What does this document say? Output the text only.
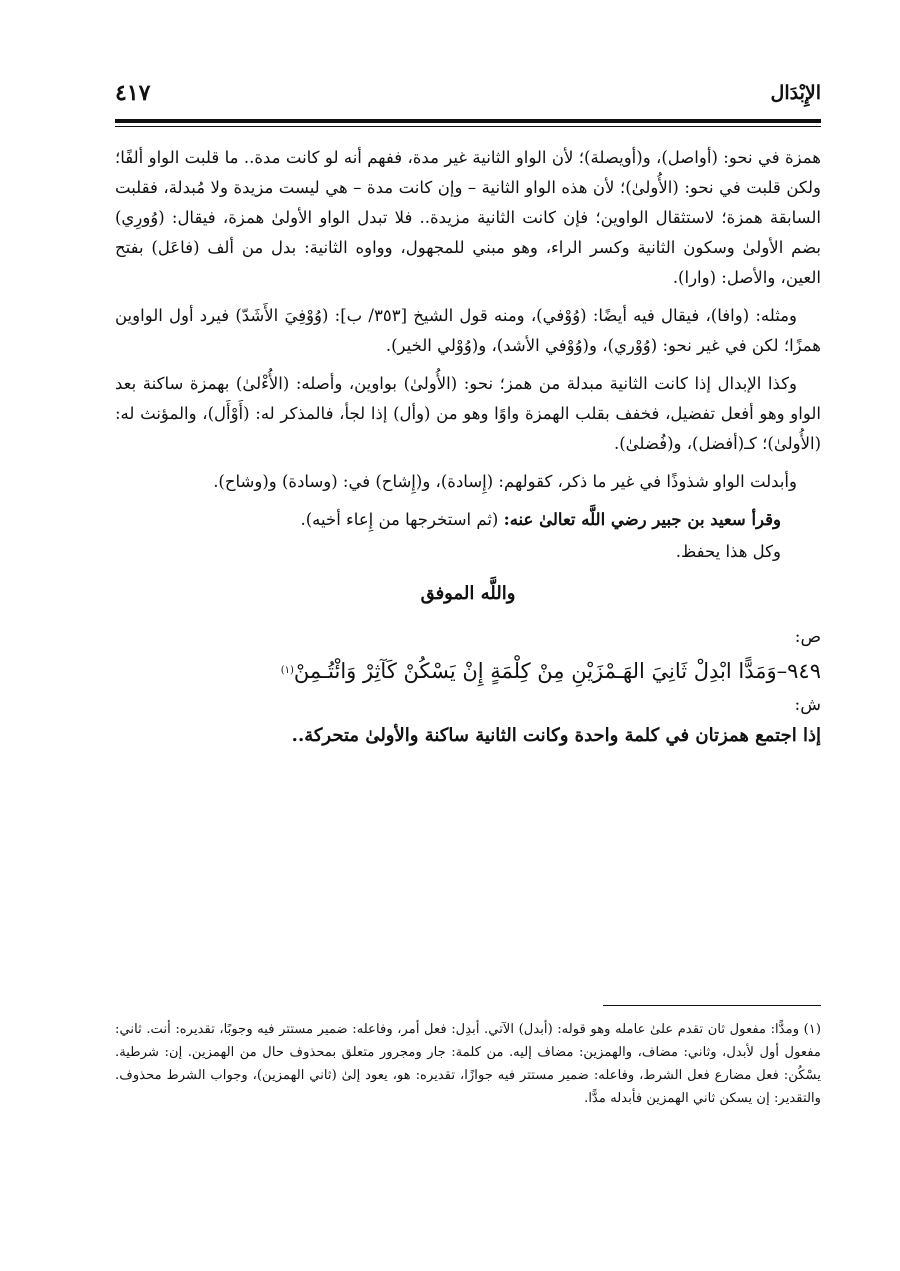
الإِبْدَال
٤١٧

همزة في نحو: (أواصل)، و(أويصلة)؛ لأن الواو الثانية غير مدة، ففهم أنه لو كانت مدة.. ما قلبت الواو ألفًا؛ ولكن قلبت في نحو: (الأُولىٰ)؛ لأن هذه الواو الثانية – وإن كانت مدة – هي ليست مزيدة ولا مُبدلة، فقلبت السابقة همزة؛ لاستثقال الواوين؛ فإن كانت الثانية مزيدة.. فلا تبدل الواو الأولىٰ همزة، فيقال: (وُورِي) بضم الأولىٰ وسكون الثانية وكسر الراء، وهو مبني للمجهول، وواوه الثانية: بدل من ألف (فاعَل) بفتح العين، والأصل: (وارا).

ومثله: (وافا)، فيقال فيه أيضًا: (وُوْفي)، ومنه قول الشيخ [٣٥٣/ ب]: (وُوْفِيَ الأَشَدّ) فيرد أول الواوين همزًا؛ لكن في غير نحو: (وُوْري)، و(وُوْفي الأشد)، و(وُوْلي الخير).

وكذا الإبدال إذا كانت الثانية مبدلة من همز؛ نحو: (الأُولىٰ) بواوين، وأصله: (الأُءْلىٰ) بهمزة ساكنة بعد الواو وهو أفعل تفضيل، فخفف بقلب الهمزة واوًا وهو من (وأل) إذا لجأ، فالمذكر له: (أَوْأَل)، والمؤنث له: (الأُولىٰ)؛ كـ(أفضل)، و(فُضلىٰ).

وأبدلت الواو شذوذًا في غير ما ذكر، كقولهم: (إِسادة)، و(إِشاح) في: (وسادة) و(وشاح).

وقرأ سعيد بن جبير رضي اللَّه تعالىٰ عنه: (ثم استخرجها من إِعاء أخيه).

وكل هذا يحفظ.

واللَّه الموفق

ص:

٩٤٩–وَمَدًّا ابْدِلْ ثَانِيَ الهَـمْزَيْنِ مِنْ كِلْمَةٍ إِنْ يَسْكُنْ كَآثِرْ وَائْتُـمِنْ$^{(١)}$

ش:

إذا اجتمع همزتان في كلمة واحدة وكانت الثانية ساكنة والأولىٰ متحركة..

(١) ومدًّا: مفعول ثان تقدم علىٰ عامله وهو قوله: (أبدل) الآتي. أبدِل: فعل أمر، وفاعله: ضمير مستتر فيه وجوبًا، تقديره: أنت. ثاني: مفعول أول لأبدل، وثاني: مضاف، والهمزين: مضاف إليه. من كلمة: جار ومجرور متعلق بمحذوف حال من الهمزين. إن: شرطية. يسْكُن: فعل مضارع فعل الشرط، وفاعله: ضمير مستتر فيه جوازًا، تقديره: هو، يعود إلىٰ (ثاني الهمزين)، وجواب الشرط محذوف. والتقدير: إن يسكن ثاني الهمزين فأبدله مدًّا.
